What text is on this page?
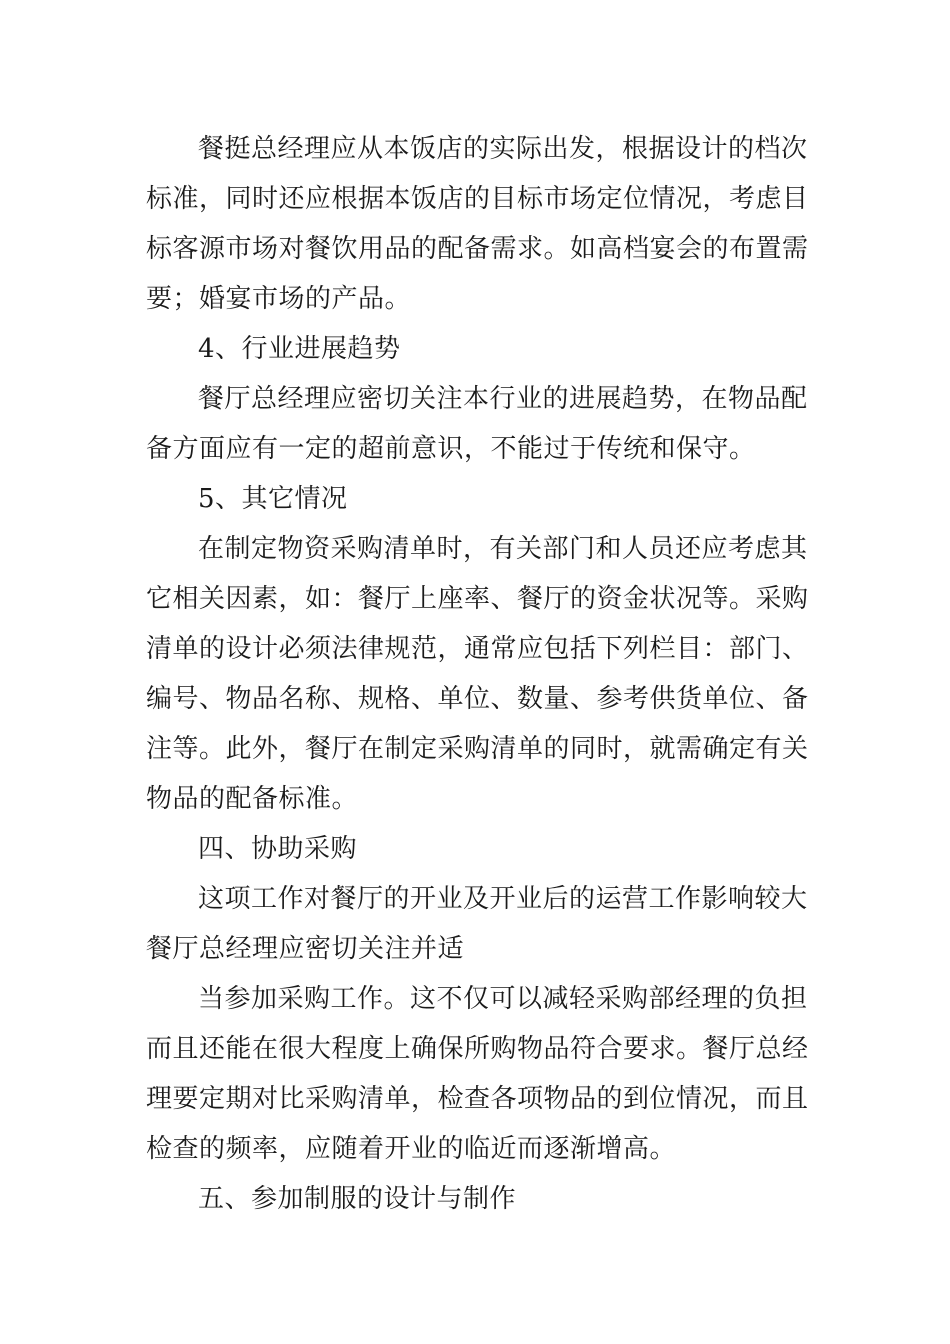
餐挺总经理应从本饭店的实际出发，根据设计的档次
标准，同时还应根据本饭店的目标市场定位情况，考虑目
标客源市场对餐饮用品的配备需求。如高档宴会的布置需
要；婚宴市场的产品。
4、行业进展趋势
餐厅总经理应密切关注本行业的进展趋势，在物品配
备方面应有一定的超前意识，不能过于传统和保守。
5、其它情况
在制定物资采购清单时，有关部门和人员还应考虑其
它相关因素，如：餐厅上座率、餐厅的资金状况等。采购
清单的设计必须法律规范，通常应包括下列栏目：部门、
编号、物品名称、规格、单位、数量、参考供货单位、备
注等。此外，餐厅在制定采购清单的同时，就需确定有关
物品的配备标准。
四、协助采购
这项工作对餐厅的开业及开业后的运营工作影响较大
餐厅总经理应密切关注并适
当参加采购工作。这不仅可以减轻采购部经理的负担
而且还能在很大程度上确保所购物品符合要求。餐厅总经
理要定期对比采购清单，检查各项物品的到位情况，而且
检查的频率，应随着开业的临近而逐渐增高。
五、参加制服的设计与制作
